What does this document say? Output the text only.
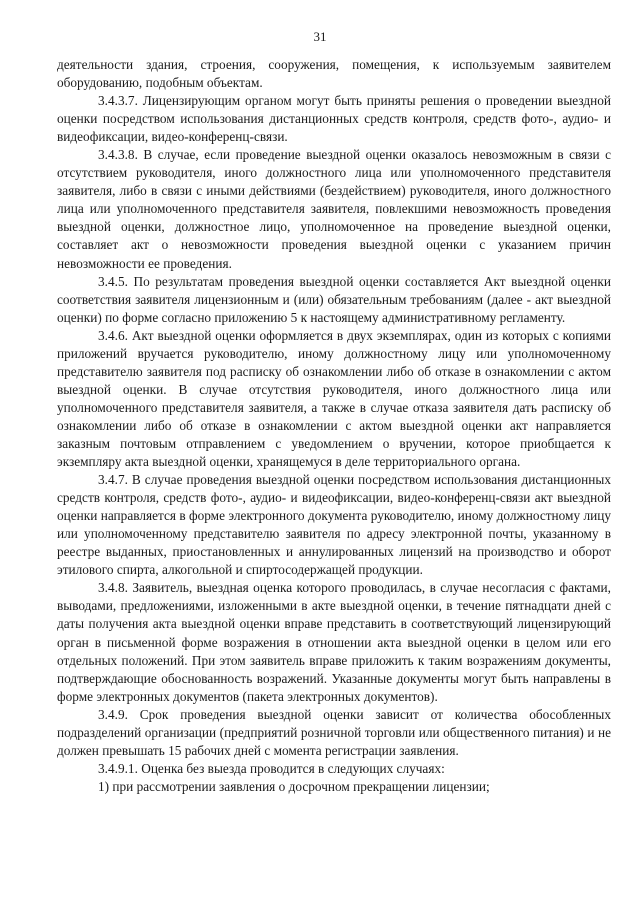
31

деятельности здания, строения, сооружения, помещения, к используемым заявителем оборудованию, подобным объектам.

3.4.3.7. Лицензирующим органом могут быть приняты решения о проведении выездной оценки посредством использования дистанционных средств контроля, средств фото-, аудио- и видеофиксации, видео-конференц-связи.

3.4.3.8. В случае, если проведение выездной оценки оказалось невозможным в связи с отсутствием руководителя, иного должностного лица или уполномоченного представителя заявителя, либо в связи с иными действиями (бездействием) руководителя, иного должностного лица или уполномоченного представителя заявителя, повлекшими невозможность проведения выездной оценки, должностное лицо, уполномоченное на проведение выездной оценки, составляет акт о невозможности проведения выездной оценки с указанием причин невозможности ее проведения.

3.4.5. По результатам проведения выездной оценки составляется Акт выездной оценки соответствия заявителя лицензионным и (или) обязательным требованиям (далее - акт выездной оценки) по форме согласно приложению 5 к настоящему административному регламенту.

3.4.6. Акт выездной оценки оформляется в двух экземплярах, один из которых с копиями приложений вручается руководителю, иному должностному лицу или уполномоченному представителю заявителя под расписку об ознакомлении либо об отказе в ознакомлении с актом выездной оценки. В случае отсутствия руководителя, иного должностного лица или уполномоченного представителя заявителя, а также в случае отказа заявителя дать расписку об ознакомлении либо об отказе в ознакомлении с актом выездной оценки акт направляется заказным почтовым отправлением с уведомлением о вручении, которое приобщается к экземпляру акта выездной оценки, хранящемуся в деле территориального органа.

3.4.7. В случае проведения выездной оценки посредством использования дистанционных средств контроля, средств фото-, аудио- и видеофиксации, видео-конференц-связи акт выездной оценки направляется в форме электронного документа руководителю, иному должностному лицу или уполномоченному представителю заявителя по адресу электронной почты, указанному в реестре выданных, приостановленных и аннулированных лицензий на производство и оборот этилового спирта, алкогольной и спиртосодержащей продукции.

3.4.8. Заявитель, выездная оценка которого проводилась, в случае несогласия с фактами, выводами, предложениями, изложенными в акте выездной оценки, в течение пятнадцати дней с даты получения акта выездной оценки вправе представить в соответствующий лицензирующий орган в письменной форме возражения в отношении акта выездной оценки в целом или его отдельных положений. При этом заявитель вправе приложить к таким возражениям документы, подтверждающие обоснованность возражений. Указанные документы могут быть направлены в форме электронных документов (пакета электронных документов).

3.4.9. Срок проведения выездной оценки зависит от количества обособленных подразделений организации (предприятий розничной торговли или общественного питания) и не должен превышать 15 рабочих дней с момента регистрации заявления.

3.4.9.1. Оценка без выезда проводится в следующих случаях:

1) при рассмотрении заявления о досрочном прекращении лицензии;
